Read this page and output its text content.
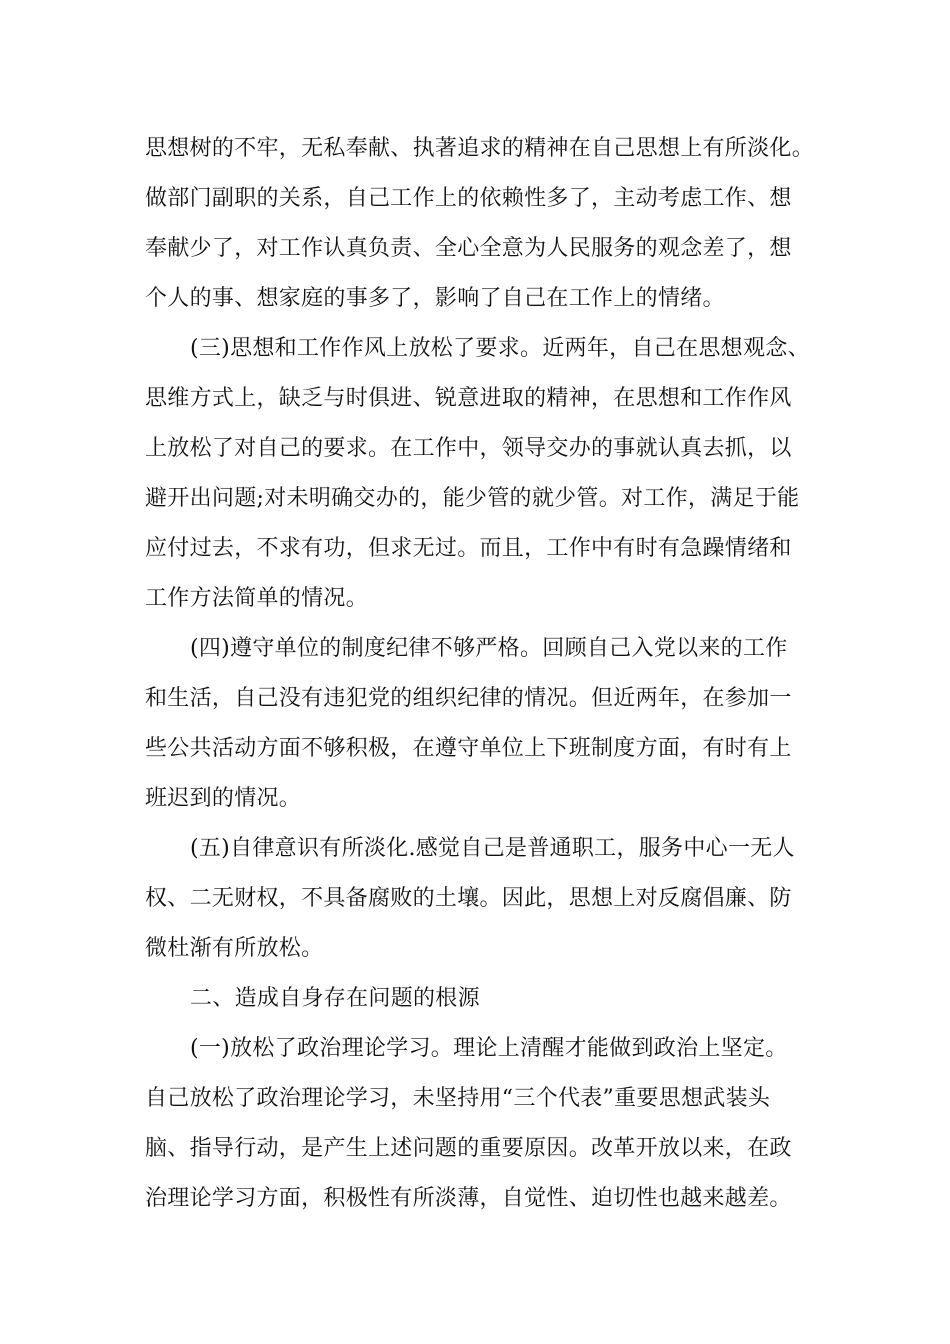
思想树的不牢，无私奉献、执著追求的精神在自己思想上有所淡化。
做部门副职的关系，自己工作上的依赖性多了，主动考虑工作、想
奉献少了，对工作认真负责、全心全意为人民服务的观念差了，想
个人的事、想家庭的事多了，影响了自己在工作上的情绪。
(三)思想和工作作风上放松了要求。近两年，自己在思想观念、
思维方式上，缺乏与时俱进、锐意进取的精神，在思想和工作作风
上放松了对自己的要求。在工作中，领导交办的事就认真去抓，以
避开出问题;对未明确交办的，能少管的就少管。对工作，满足于能
应付过去，不求有功，但求无过。而且，工作中有时有急躁情绪和
工作方法简单的情况。
(四)遵守单位的制度纪律不够严格。回顾自己入党以来的工作
和生活，自己没有违犯党的组织纪律的情况。但近两年，在参加一
些公共活动方面不够积极，在遵守单位上下班制度方面，有时有上
班迟到的情况。
(五)自律意识有所淡化.感觉自己是普通职工，服务中心一无人
权、二无财权，不具备腐败的土壤。因此，思想上对反腐倡廉、防
微杜渐有所放松。
二、造成自身存在问题的根源
(一)放松了政治理论学习。理论上清醒才能做到政治上坚定。
自己放松了政治理论学习，未坚持用“三个代表”重要思想武装头
脑、指导行动，是产生上述问题的重要原因。改革开放以来，在政
治理论学习方面，积极性有所淡薄，自觉性、迫切性也越来越差。
